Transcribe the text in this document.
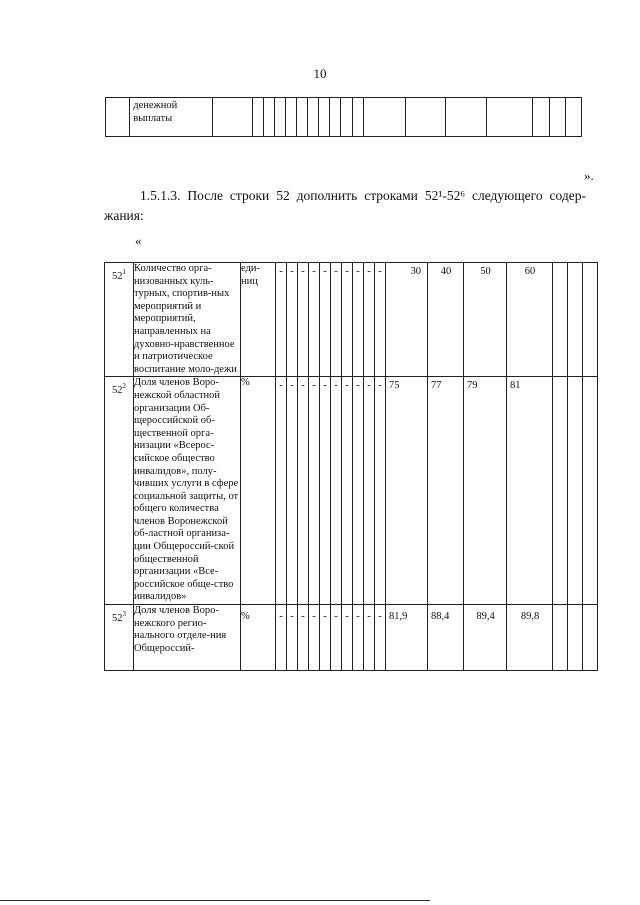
10
	денежной выплаты																		
».
1.5.1.3. После строки 52 дополнить строками 52¹-52⁶ следующего содер-
жания:
«
$52^1$	Количество орга-низованных куль-турных, спортив-ных мероприятий и мероприятий, направленных на духовно-нравственное и патриотическое воспитание моло-дежи	еди-ниц	-	-	-	-	-	-	-	-	-	-	30	40	50	60			
$52^2$	Доля членов Воро-нежской областной организации Об-щероссийской об-щественной орга-низации «Всерос-сийское общество инвалидов», полу-чивших услуги в сфере социальной защиты, от общего количества членов Воронежской об-ластной организа-ции Общероссий-ской общественной организации «Все-российское обще-ство инвалидов»	%	-	-	-	-	-	-	-	-	-	-	75	77	79	81			
$52^3$	Доля членов Воро-нежского регио-нального отделе-ния Общероссий-	%	-	-	-	-	-	-	-	-	-	-	81,9	88,4	89,4	89,8			
